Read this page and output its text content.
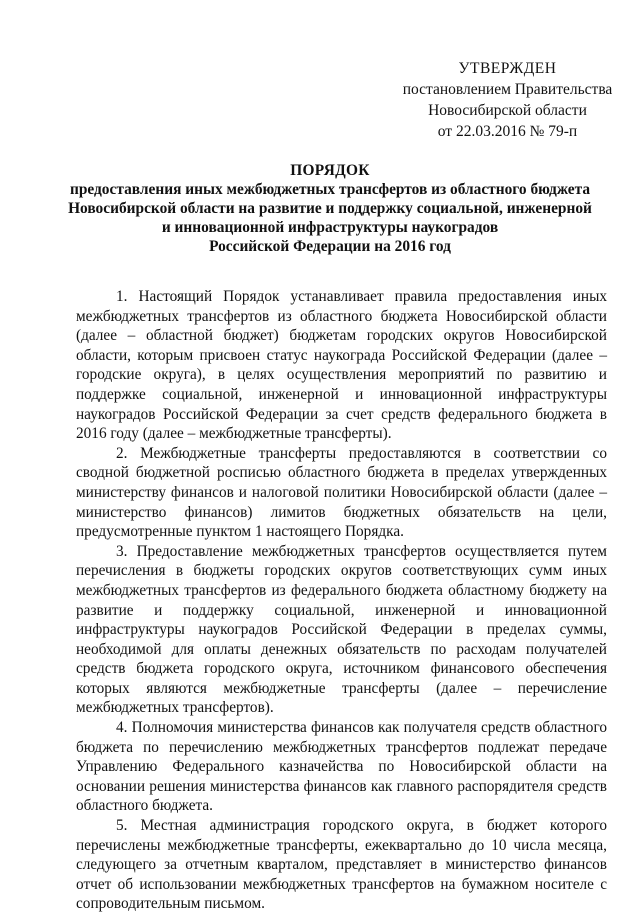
УТВЕРЖДЕН
постановлением Правительства
Новосибирской области
от 22.03.2016 № 79-п
ПОРЯДОК
предоставления иных межбюджетных трансфертов из областного бюджета
Новосибирской области на развитие и поддержку социальной, инженерной
и инновационной инфраструктуры наукоградов
Российской Федерации на 2016 год

1. Настоящий Порядок устанавливает правила предоставления иных межбюджетных трансфертов из областного бюджета Новосибирской области (далее – областной бюджет) бюджетам городских округов Новосибирской области, которым присвоен статус наукограда Российской Федерации (далее – городские округа), в целях осуществления мероприятий по развитию и поддержке социальной, инженерной и инновационной инфраструктуры наукоградов Российской Федерации за счет средств федерального бюджета в 2016 году (далее – межбюджетные трансферты).

2. Межбюджетные трансферты предоставляются в соответствии со сводной бюджетной росписью областного бюджета в пределах утвержденных министерству финансов и налоговой политики Новосибирской области (далее – министерство финансов) лимитов бюджетных обязательств на цели, предусмотренные пунктом 1 настоящего Порядка.

3. Предоставление межбюджетных трансфертов осуществляется путем перечисления в бюджеты городских округов соответствующих сумм иных межбюджетных трансфертов из федерального бюджета областному бюджету на развитие и поддержку социальной, инженерной и инновационной инфраструктуры наукоградов Российской Федерации в пределах суммы, необходимой для оплаты денежных обязательств по расходам получателей средств бюджета городского округа, источником финансового обеспечения которых являются межбюджетные трансферты (далее – перечисление межбюджетных трансфертов).

4. Полномочия министерства финансов как получателя средств областного бюджета по перечислению межбюджетных трансфертов подлежат передаче Управлению Федерального казначейства по Новосибирской области на основании решения министерства финансов как главного распорядителя средств областного бюджета.

5. Местная администрация городского округа, в бюджет которого перечислены межбюджетные трансферты, ежеквартально до 10 числа месяца, следующего за отчетным кварталом, представляет в министерство финансов отчет об использовании межбюджетных трансфертов на бумажном носителе с сопроводительным письмом.
